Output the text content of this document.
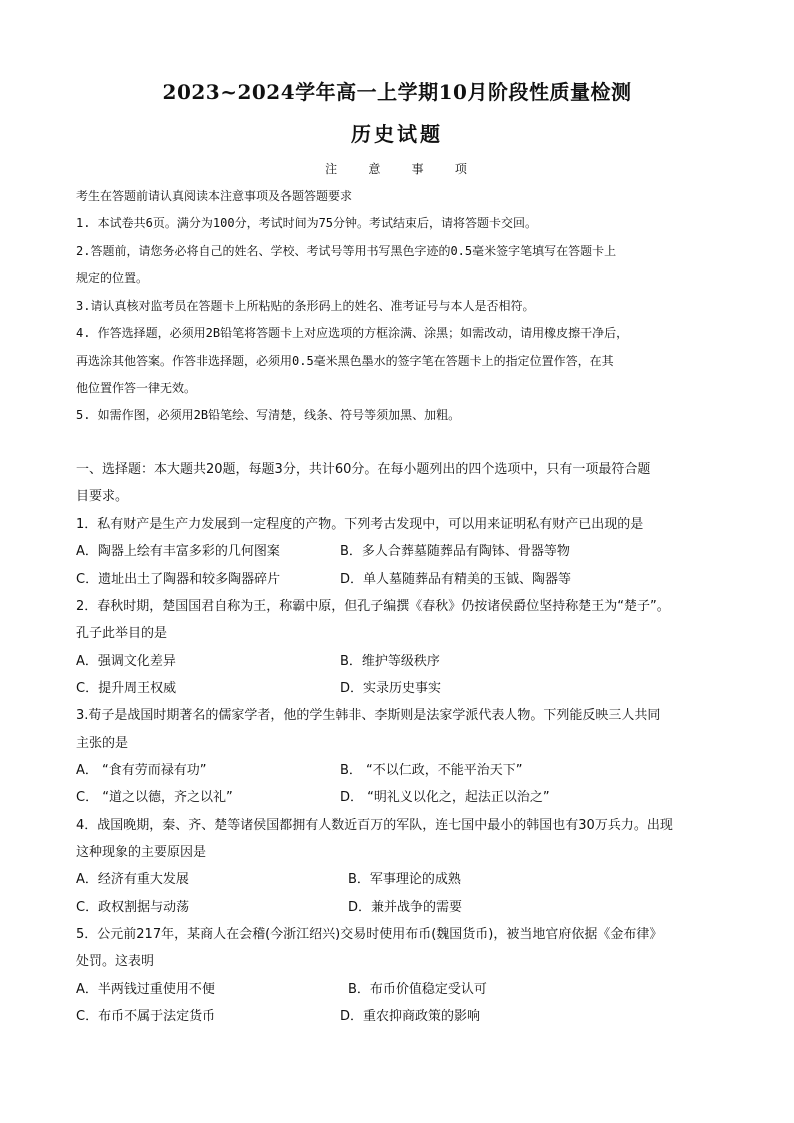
2023~2024学年高一上学期10月阶段性质量检测
历史试题
注 意 事 项
考生在答题前请认真阅读本注意事项及各题答题要求
1. 本试卷共6页。满分为100分，考试时间为75分钟。考试结束后，请将答题卡交回。
2.答题前，请您务必将自己的姓名、学校、考试号等用书写黑色字迹的0.5毫米签字笔填写在答题卡上
规定的位置。
3.请认真核对监考员在答题卡上所粘贴的条形码上的姓名、准考证号与本人是否相符。
4. 作答选择题，必须用2B铅笔将答题卡上对应选项的方框涂满、涂黑；如需改动，请用橡皮擦干净后，
再选涂其他答案。作答非选择题，必须用0.5毫米黑色墨水的签字笔在答题卡上的指定位置作答，在其
他位置作答一律无效。
5. 如需作图，必须用2B铅笔绘、写清楚，线条、符号等须加黑、加粗。
一、选择题：本大题共20题，每题3分，共计60分。在每小题列出的四个选项中，只有一项最符合题
目要求。
1．私有财产是生产力发展到一定程度的产物。下列考古发现中，可以用来证明私有财产已出现的是
A．陶器上绘有丰富多彩的几何图案	B．多人合葬墓随葬品有陶钵、骨器等物
C．遗址出土了陶器和较多陶器碎片	D．单人墓随葬品有精美的玉钺、陶器等
2．春秋时期，楚国国君自称为王，称霸中原，但孔子编撰《春秋》仍按诸侯爵位坚持称楚王为“楚子”。
孔子此举目的是
A．强调文化差异	B．维护等级秩序
C．提升周王权威	D．实录历史事实
3.荀子是战国时期著名的儒家学者，他的学生韩非、李斯则是法家学派代表人物。下列能反映三人共同
主张的是
A． “食有劳而禄有功”	B． “不以仁政，不能平治天下”
C． “道之以德，齐之以礼”	D． “明礼义以化之，起法正以治之”
4．战国晚期，秦、齐、楚等诸侯国都拥有人数近百万的军队，连七国中最小的韩国也有30万兵力。出现
这种现象的主要原因是
A．经济有重大发展	B．军事理论的成熟
C．政权割据与动荡	D．兼并战争的需要
5．公元前217年，某商人在会稽(今浙江绍兴)交易时使用布币(魏国货币)，被当地官府依据《金布律》
处罚。这表明
A．半两钱过重使用不便	B．布币价值稳定受认可
C．布币不属于法定货币	D．重农抑商政策的影响
